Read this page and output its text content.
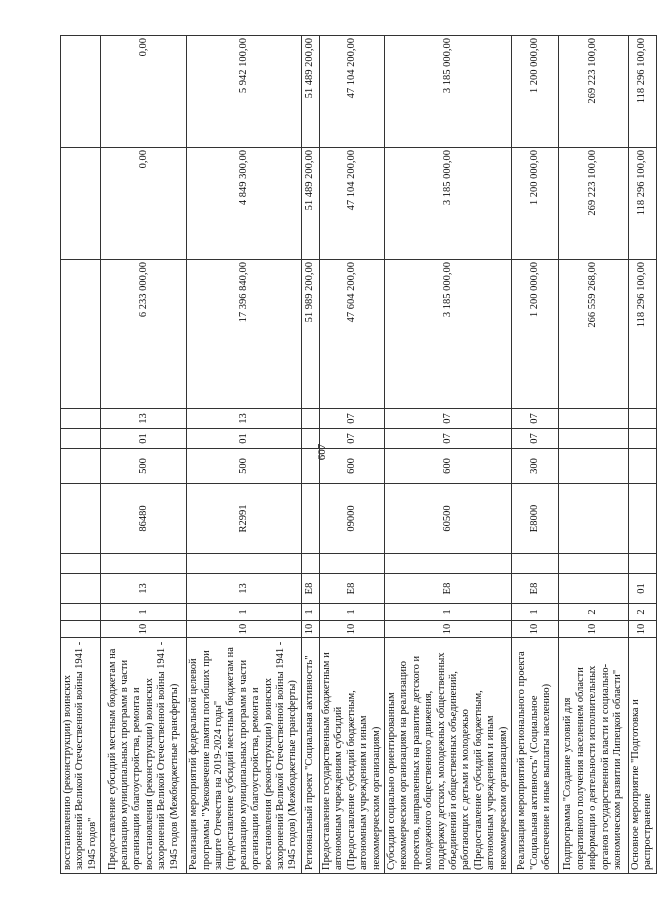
607
восстановлению (реконструкции) воинских захоронений Великой Отечественной войны 1941 - 1945 годов"											
Предоставление субсидий местным бюджетам на реализацию муниципальных программ в части организации благоустройства, ремонта и восстановления (реконструкции) воинских захоронений Великой Отечественной войны 1941 - 1945 годов (Межбюджетные трансферты)	10	1	13		86480	500	01	13	6 233 000,00	0,00	0,00
Реализация мероприятий федеральной целевой программы "Увековечение памяти погибших при защите Отечества на 2019-2024 годы" (предоставление субсидий местным бюджетам на реализацию муниципальных программ в части организации благоустройства, ремонта и восстановления (реконструкции) воинских захоронений Великой Отечественной войны 1941 - 1945 годов) (Межбюджетные трансферты)	10	1	13		R2991	500	01	13	17 396 840,00	4 849 300,00	5 942 100,00
Региональный проект "Социальная активность"	10	1	E8						51 989 200,00	51 489 200,00	51 489 200,00
Предоставление государственным бюджетным и автономным учреждениям субсидий (Предоставление субсидий бюджетным, автономным учреждениям и иным некоммерческим организациям)	10	1	E8		09000	600	07	07	47 604 200,00	47 104 200,00	47 104 200,00
Субсидии социально ориентированным некоммерческим организациям на реализацию проектов, направленных на развитие детского и молодежного общественного движения, поддержку детских, молодежных общественных объединений и общественных объединений, работающих с детьми и молодежью (Предоставление субсидий бюджетным, автономным учреждениям и иным некоммерческим организациям)	10	1	E8		60500	600	07	07	3 185 000,00	3 185 000,00	3 185 000,00
Реализация мероприятий регионального проекта "Социальная активность" (Социальное обеспечение и иные выплаты населению)	10	1	E8		E8000	300	07	07	1 200 000,00	1 200 000,00	1 200 000,00
Подпрограмма "Создание условий для оперативного получения населением области информации о деятельности исполнительных органов государственной власти и социально-экономическом развитии Липецкой области"	10	2							266 559 268,00	269 223 100,00	269 223 100,00
Основное мероприятие "Подготовка и распространение	10	2	01						118 296 100,00	118 296 100,00	118 296 100,00
